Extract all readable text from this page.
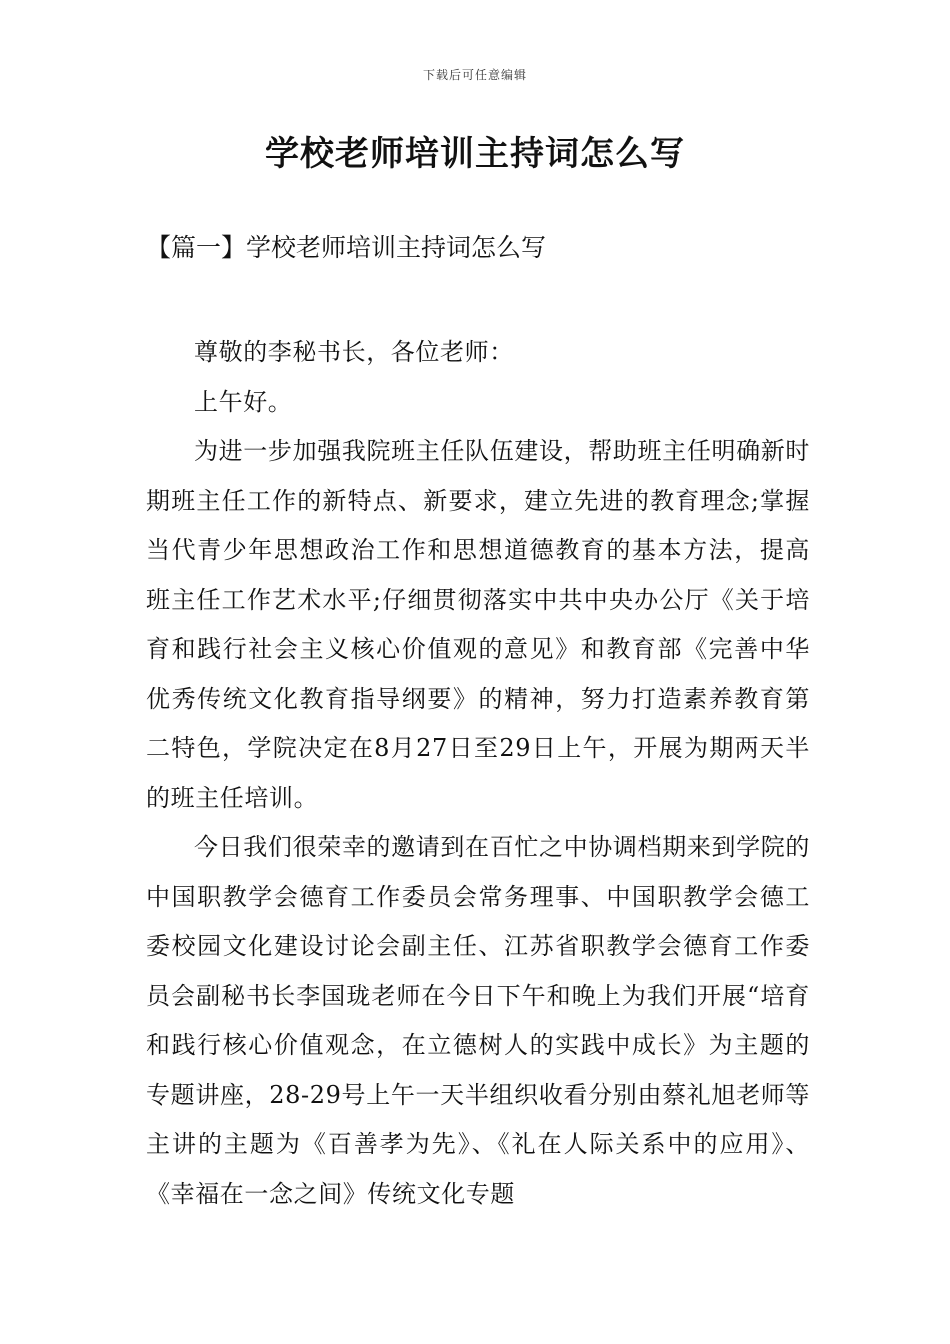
下载后可任意编辑
学校老师培训主持词怎么写
【篇一】学校老师培训主持词怎么写

尊敬的李秘书长，各位老师：

上午好。

为进一步加强我院班主任队伍建设，帮助班主任明确新时期班主任工作的新特点、新要求，建立先进的教育理念;掌握当代青少年思想政治工作和思想道德教育的基本方法，提高班主任工作艺术水平;仔细贯彻落实中共中央办公厅《关于培育和践行社会主义核心价值观的意见》和教育部《完善中华优秀传统文化教育指导纲要》的精神，努力打造素养教育第二特色，学院决定在8月27日至29日上午，开展为期两天半的班主任培训。

今日我们很荣幸的邀请到在百忙之中协调档期来到学院的中国职教学会德育工作委员会常务理事、中国职教学会德工委校园文化建设讨论会副主任、江苏省职教学会德育工作委员会副秘书长李国珑老师在今日下午和晚上为我们开展“培育和践行核心价值观念，在立德树人的实践中成长》为主题的专题讲座，28-29号上午一天半组织收看分别由蔡礼旭老师等主讲的主题为《百善孝为先》、《礼在人际关系中的应用》、《幸福在一念之间》传统文化专题
